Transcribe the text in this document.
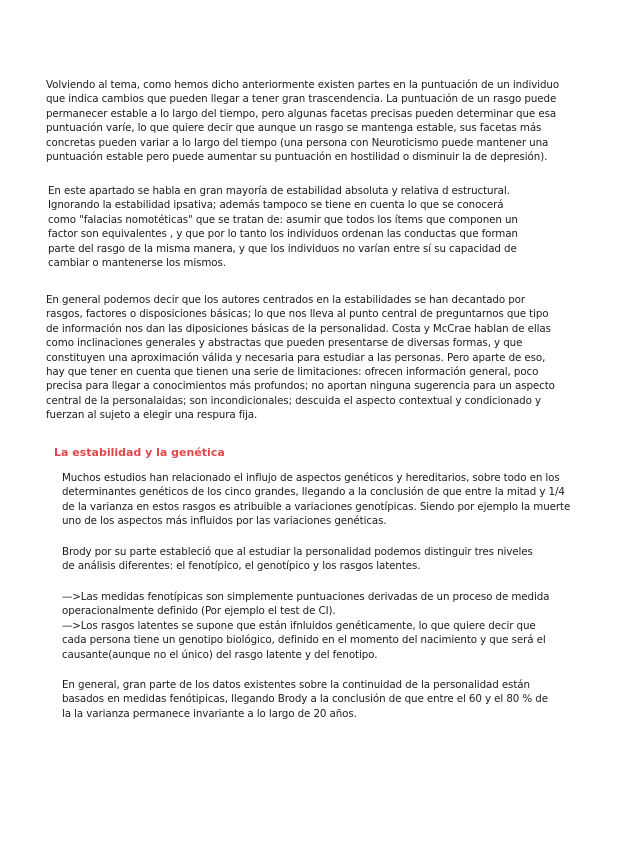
Volviendo al tema, como hemos dicho anteriormente existen partes en la puntuación de un individuo
que indica cambios que pueden llegar a tener gran trascendencia. La puntuación de un rasgo puede
permanecer estable a lo largo del tiempo, pero algunas facetas precisas pueden determinar que esa
puntuación varíe, lo que quiere decir que aunque un rasgo se mantenga estable, sus facetas más
concretas pueden variar a lo largo del tiempo (una persona con Neuroticismo puede mantener una
puntuación estable pero puede aumentar su puntuación en hostilidad o disminuir la de depresión).

En este apartado se habla en gran mayoría de estabilidad absoluta y relativa d estructural.
Ignorando la estabilidad ipsativa; además tampoco se tiene en cuenta lo que se conocerá
como "falacias nomotéticas" que se tratan de: asumir que todos los ítems que componen un
factor son equivalentes , y que por lo tanto los individuos ordenan las conductas que forman
parte del rasgo de la misma manera, y que los individuos no varían entre sí su capacidad de
cambiar o mantenerse los mismos.

En general podemos decir que los autores centrados en la estabilidades se han decantado por
rasgos, factores o disposiciones básicas; lo que nos lleva al punto central de preguntarnos que tipo
de información nos dan las diposiciones básicas de la personalidad. Costa y McCrae hablan de ellas
como inclinaciones generales y abstractas que pueden presentarse de diversas formas, y que
constituyen una aproximación válida y necesaria para estudiar a las personas. Pero aparte de eso,
hay que tener en cuenta que tienen una serie de limitaciones: ofrecen información general, poco
precisa para llegar a conocimientos más profundos; no aportan ninguna sugerencia para un aspecto
central de la personalaidas; son incondicionales; descuida el aspecto contextual y condicionado y
fuerzan al sujeto a elegir una respura fija.

La estabilidad y la genética

Muchos estudios han relacionado el influjo de aspectos genéticos y hereditarios, sobre todo en los
determinantes genéticos de los cinco grandes, llegando a la conclusión de que entre la mitad y 1/4
de la varianza en estos rasgos es atribuible a variaciones genotípicas. Siendo por ejemplo la muerte
uno de los aspectos más influidos por las variaciones genéticas.

Brody por su parte estableció que al estudiar la personalidad podemos distinguir tres niveles
de análisis diferentes: el fenotípico, el genotípico y los rasgos latentes.

—>Las medidas fenotípicas son simplemente puntuaciones derivadas de un proceso de medida
operacionalmente definido (Por ejemplo el test de CI).
—>Los rasgos latentes se supone que están ifnluidos genéticamente, lo que quiere decir que
cada persona tiene un genotipo biológico, definido en el momento del nacimiento y que será el
causante(aunque no el único) del rasgo latente y del fenotipo.

En general, gran parte de los datos existentes sobre la continuidad de la personalidad están
basados en medidas fenótipicas, llegando Brody a la conclusión de que entre el 60 y el 80 % de
la la varianza permanece invariante a lo largo de 20 años.
